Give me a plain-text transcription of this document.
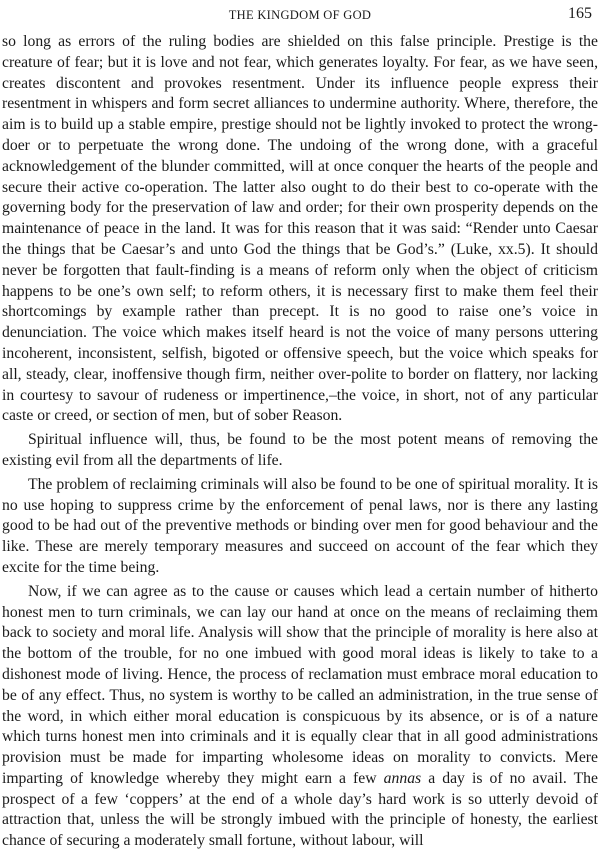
THE KINGDOM OF GOD	165

so long as errors of the ruling bodies are shielded on this false principle. Prestige is the creature of fear; but it is love and not fear, which generates loyalty. For fear, as we have seen, creates discontent and provokes resentment. Under its influence people express their resentment in whispers and form secret alliances to undermine authority. Where, therefore, the aim is to build up a stable empire, prestige should not be lightly invoked to protect the wrong-doer or to perpetuate the wrong done. The undoing of the wrong done, with a graceful acknowledgement of the blunder committed, will at once conquer the hearts of the people and secure their active co-operation. The latter also ought to do their best to co-operate with the governing body for the preservation of law and order; for their own prosperity depends on the maintenance of peace in the land. It was for this reason that it was said: “Render unto Caesar the things that be Caesar’s and unto God the things that be God’s.” (Luke, xx.5). It should never be forgotten that fault-finding is a means of reform only when the object of criticism happens to be one’s own self; to reform others, it is necessary first to make them feel their shortcomings by example rather than precept. It is no good to raise one’s voice in denunciation. The voice which makes itself heard is not the voice of many persons uttering incoherent, inconsistent, selfish, bigoted or offensive speech, but the voice which speaks for all, steady, clear, inoffensive though firm, neither over-polite to border on flattery, nor lacking in courtesy to savour of rudeness or impertinence,–the voice, in short, not of any particular caste or creed, or section of men, but of sober Reason.

Spiritual influence will, thus, be found to be the most potent means of removing the existing evil from all the departments of life.

The problem of reclaiming criminals will also be found to be one of spiritual morality. It is no use hoping to suppress crime by the enforcement of penal laws, nor is there any lasting good to be had out of the preventive methods or binding over men for good behaviour and the like. These are merely temporary measures and succeed on account of the fear which they excite for the time being.

Now, if we can agree as to the cause or causes which lead a certain number of hitherto honest men to turn criminals, we can lay our hand at once on the means of reclaiming them back to society and moral life. Analysis will show that the principle of morality is here also at the bottom of the trouble, for no one imbued with good moral ideas is likely to take to a dishonest mode of living. Hence, the process of reclamation must embrace moral education to be of any effect. Thus, no system is worthy to be called an administration, in the true sense of the word, in which either moral education is conspicuous by its absence, or is of a nature which turns honest men into criminals and it is equally clear that in all good administrations provision must be made for imparting wholesome ideas on morality to convicts. Mere imparting of knowledge whereby they might earn a few annas a day is of no avail. The prospect of a few ‘coppers’ at the end of a whole day’s hard work is so utterly devoid of attraction that, unless the will be strongly imbued with the principle of honesty, the earliest chance of securing a moderately small fortune, without labour, will
